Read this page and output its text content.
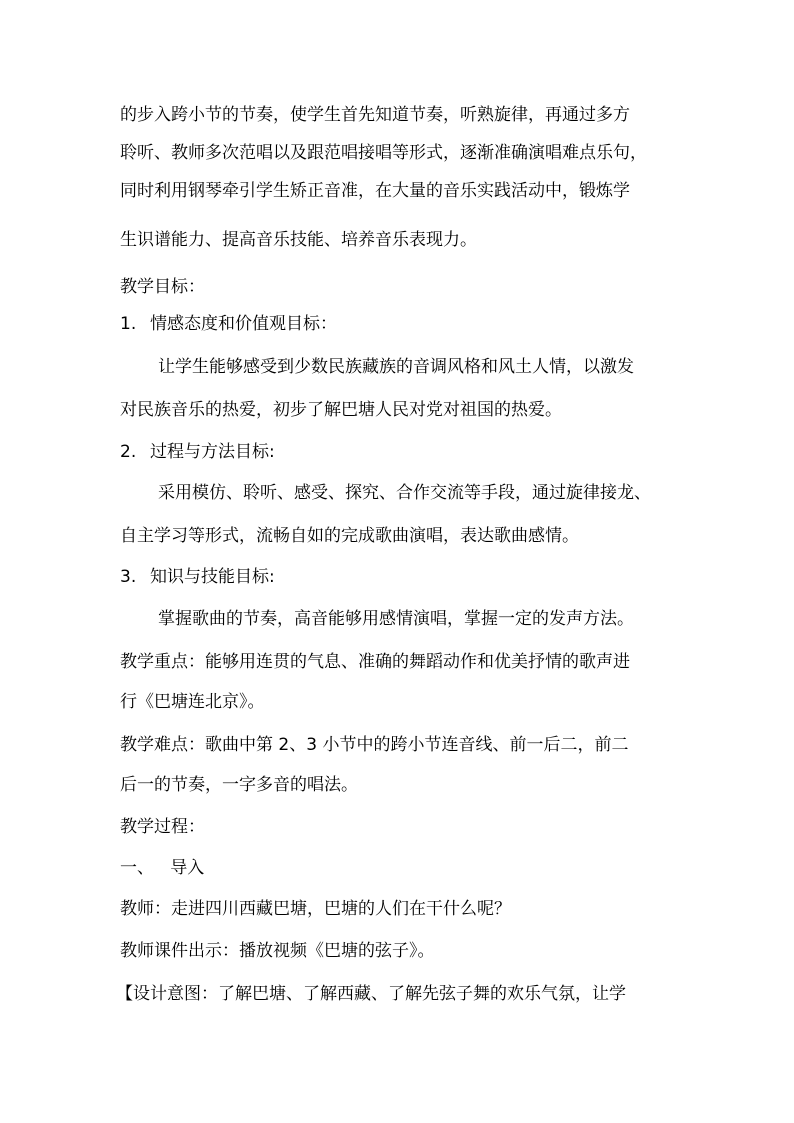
的步入跨小节的节奏，使学生首先知道节奏，听熟旋律，再通过多方
聆听、教师多次范唱以及跟范唱接唱等形式，逐渐准确演唱难点乐句，
同时利用钢琴牵引学生矫正音准，在大量的音乐实践活动中，锻炼学
生识谱能力、提高音乐技能、培养音乐表现力。
教学目标：
1. 情感态度和价值观目标：
让学生能够感受到少数民族藏族的音调风格和风土人情，以激发
对民族音乐的热爱，初步了解巴塘人民对党对祖国的热爱。
2. 过程与方法目标:
采用模仿、聆听、感受、探究、合作交流等手段，通过旋律接龙、
自主学习等形式，流畅自如的完成歌曲演唱，表达歌曲感情。
3. 知识与技能目标:
掌握歌曲的节奏，高音能够用感情演唱，掌握一定的发声方法。
教学重点：能够用连贯的气息、准确的舞蹈动作和优美抒情的歌声进
行《巴塘连北京》。
教学难点：歌曲中第 2、3 小节中的跨小节连音线、前一后二，前二
后一的节奏，一字多音的唱法。
教学过程：
一、   导入
教师：走进四川西藏巴塘，巴塘的人们在干什么呢？
教师课件出示：播放视频《巴塘的弦子》。
【设计意图：了解巴塘、了解西藏、了解先弦子舞的欢乐气氛，让学
